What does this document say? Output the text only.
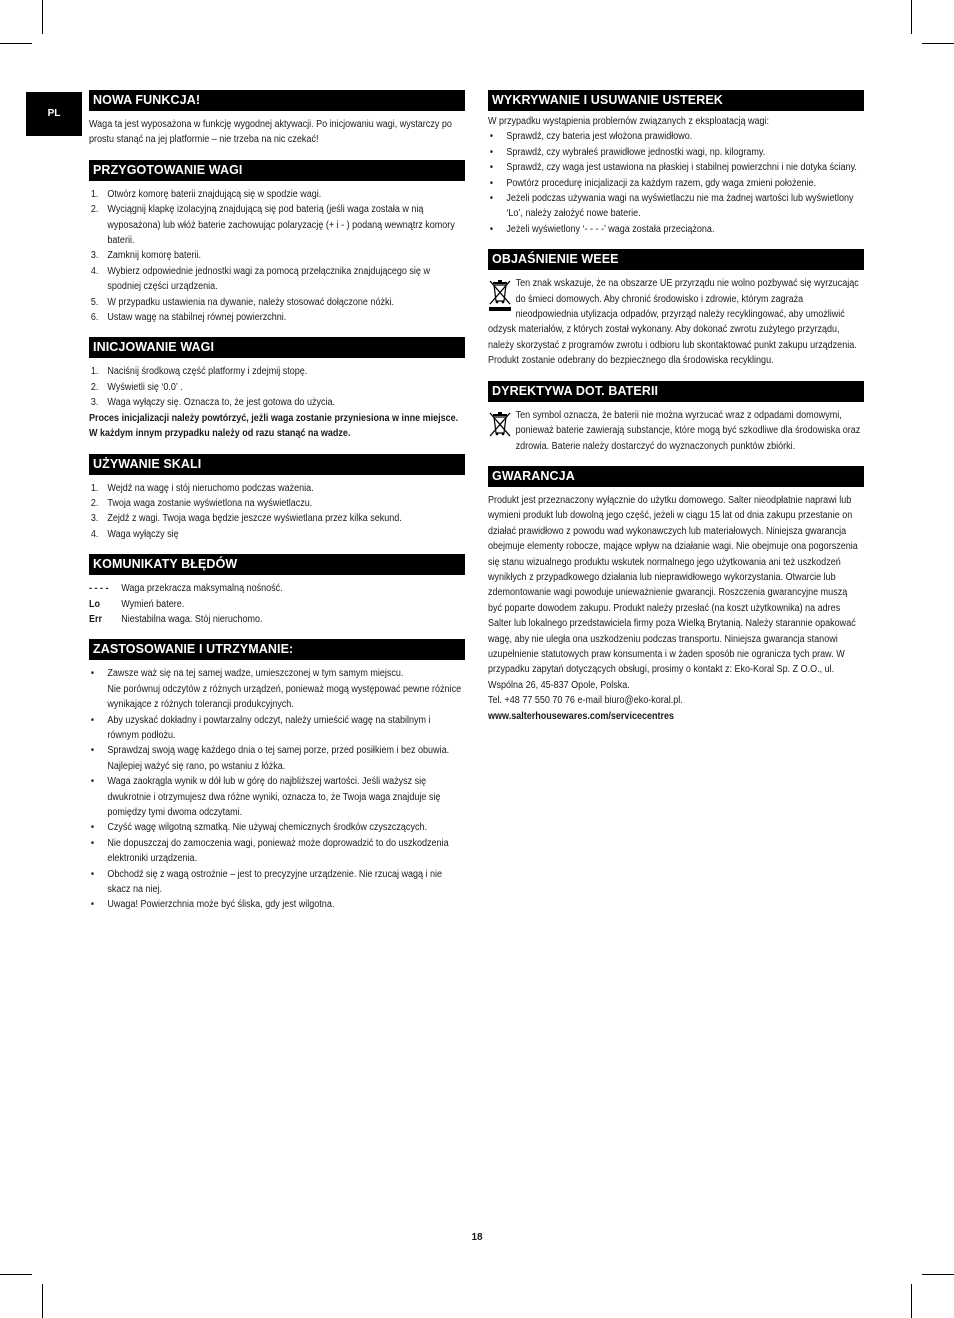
PL
NOWA FUNKCJA!

Waga ta jest wyposażona w funkcję wygodnej aktywacji. Po inicjowaniu wagi, wystarczy po prostu stanąć na jej platformie – nie trzeba na nic czekać!

PRZYGOTOWANIE WAGI
1. Otwórz komorę baterii znajdującą się w spodzie wagi.
2. Wyciągnij klapkę izolacyjną znajdującą się pod baterią (jeśli waga została w nią wyposażona) lub włóż baterie zachowując polaryzację (+ i - ) podaną wewnątrz komory baterii.
3. Zamknij komorę baterii.
4. Wybierz odpowiednie jednostki wagi za pomocą przełącznika znajdującego się w spodniej części urządzenia.
5. W przypadku ustawienia na dywanie, należy stosować dołączone nóżki.
6. Ustaw wagę na stabilnej równej powierzchni.
INICJOWANIE WAGI
1. Naciśnij środkową część platformy i zdejmij stopę.
2. Wyświetli się ‘0.0’ .
3. Waga wyłączy się. Oznacza to, że jest gotowa do użycia.

Proces inicjalizacji należy powtórzyć, jeżli waga zostanie przyniesiona w inne miejsce. W każdym innym przypadku należy od razu stanąć na wadze.

UŻYWANIE SKALI
1. Wejdź na wagę i stój nieruchomo podczas ważenia.
2. Twoja waga zostanie wyświetlona na wyświetlaczu.
3. Zejdź z wagi. Twoja waga będzie jeszcze wyświetlana przez kilka sekund.
4. Waga wyłączy się
KOMUNIKATY BŁĘDÓW
- - - - Waga przekracza maksymalną nośność.
Lo Wymień batere.
Err Niestabilna waga. Stój nieruchomo.
ZASTOSOWANIE I UTRZYMANIE:
• Zawsze waż się na tej samej wadze, umieszczonej w tym samym miejscu.
Nie porównuj odczytów z różnych urządzeń, ponieważ mogą występować pewne różnice wynikające z różnych tolerancji produkcyjnych.
• Aby uzyskać dokładny i powtarzalny odczyt, należy umieścić wagę na stabilnym i równym podłożu.
• Sprawdzaj swoją wagę każdego dnia o tej samej porze, przed posiłkiem i bez obuwia.
Najlepiej ważyć się rano, po wstaniu z łóżka.
• Waga zaokrągla wynik w dół lub w górę do najbliższej wartości. Jeśli ważysz się dwukrotnie i otrzymujesz dwa różne wyniki, oznacza to, że Twoja waga znajduje się pomiędzy tymi dwoma odczytami.
• Czyść wagę wilgotną szmatką. Nie używaj chemicznych środków czyszczących.
• Nie dopuszczaj do zamoczenia wagi, ponieważ może doprowadzić to do uszkodzenia elektroniki urządzenia.
• Obchodź się z wagą ostrożnie – jest to precyzyjne urządzenie. Nie rzucaj wagą i nie skacz na niej.
• Uwaga! Powierzchnia może być śliska, gdy jest wilgotna.
WYKRYWANIE I USUWANIE USTEREK

W przypadku wystąpienia problemów związanych z eksploatacją wagi:

• Sprawdź, czy bateria jest włożona prawidłowo.
• Sprawdź, czy wybrałeś prawidłowe jednostki wagi, np. kilogramy.
• Sprawdź, czy waga jest ustawiona na płaskiej i stabilnej powierzchni i nie dotyka ściany.
• Powtórz procedurę inicjalizacji za każdym razem, gdy waga zmieni położenie.
• Jeżeli podczas używania wagi na wyświetlaczu nie ma żadnej wartości lub wyświetlony ‘Lo’, należy założyć nowe baterie.
• Jeżeli wyświetlony ‘- - - -’ waga została przeciążona.
OBJAŚNIENIE WEEE

Ten znak wskazuje, że na obszarze UE przyrządu nie wolno pozbywać się wyrzucając do śmieci domowych. Aby chronić środowisko i zdrowie, którym zagraża nieodpowiednia utylizacja odpadów, przyrząd należy recyklingować, aby umożliwić odzysk materiałów, z których został wykonany. Aby dokonać zwrotu zużytego przyrządu, należy skorzystać z programów zwrotu i odbioru lub skontaktować punkt zakupu urządzenia. Produkt zostanie odebrany do bezpiecznego dla środowiska recyklingu.

DYREKTYWA DOT. BATERII

Ten symbol oznacza, że baterii nie można wyrzucać wraz z odpadami domowymi, ponieważ baterie zawierają substancje, które mogą być szkodliwe dla środowiska oraz zdrowia. Baterie należy dostarczyć do wyznaczonych punktów zbiórki.

GWARANCJA

Produkt jest przeznaczony wyłącznie do użytku domowego. Salter nieodpłatnie naprawi lub wymieni produkt lub dowolną jego część, jeżeli w ciągu 15 lat od dnia zakupu przestanie on działać prawidłowo z powodu wad wykonawczych lub materiałowych. Niniejsza gwarancja obejmuje elementy robocze, mające wpływ na działanie wagi. Nie obejmuje ona pogorszenia się stanu wizualnego produktu wskutek normalnego jego użytkowania ani też uszkodzeń wynikłych z przypadkowego działania lub nieprawidłowego wykorzystania. Otwarcie lub zdemontowanie wagi powoduje unieważnienie gwarancji. Roszczenia gwarancyjne muszą być poparte dowodem zakupu. Produkt należy przesłać (na koszt użytkownika) na adres Salter lub lokalnego przedstawiciela firmy poza Wielką Brytanią. Należy starannie opakować wagę, aby nie uległa ona uszkodzeniu podczas transportu. Niniejsza gwarancja stanowi uzupełnienie statutowych praw konsumenta i w żaden sposób nie ogranicza tych praw. W przypadku zapytań dotyczących obsługi, prosimy o kontakt z: Eko-Koral Sp. Z O.O., ul. Wspólna 26, 45-837 Opole, Polska.

Tel. +48 77 550 70 76 e-mail biuro@eko-koral.pl.

www.salterhousewares.com/servicecentres

18
